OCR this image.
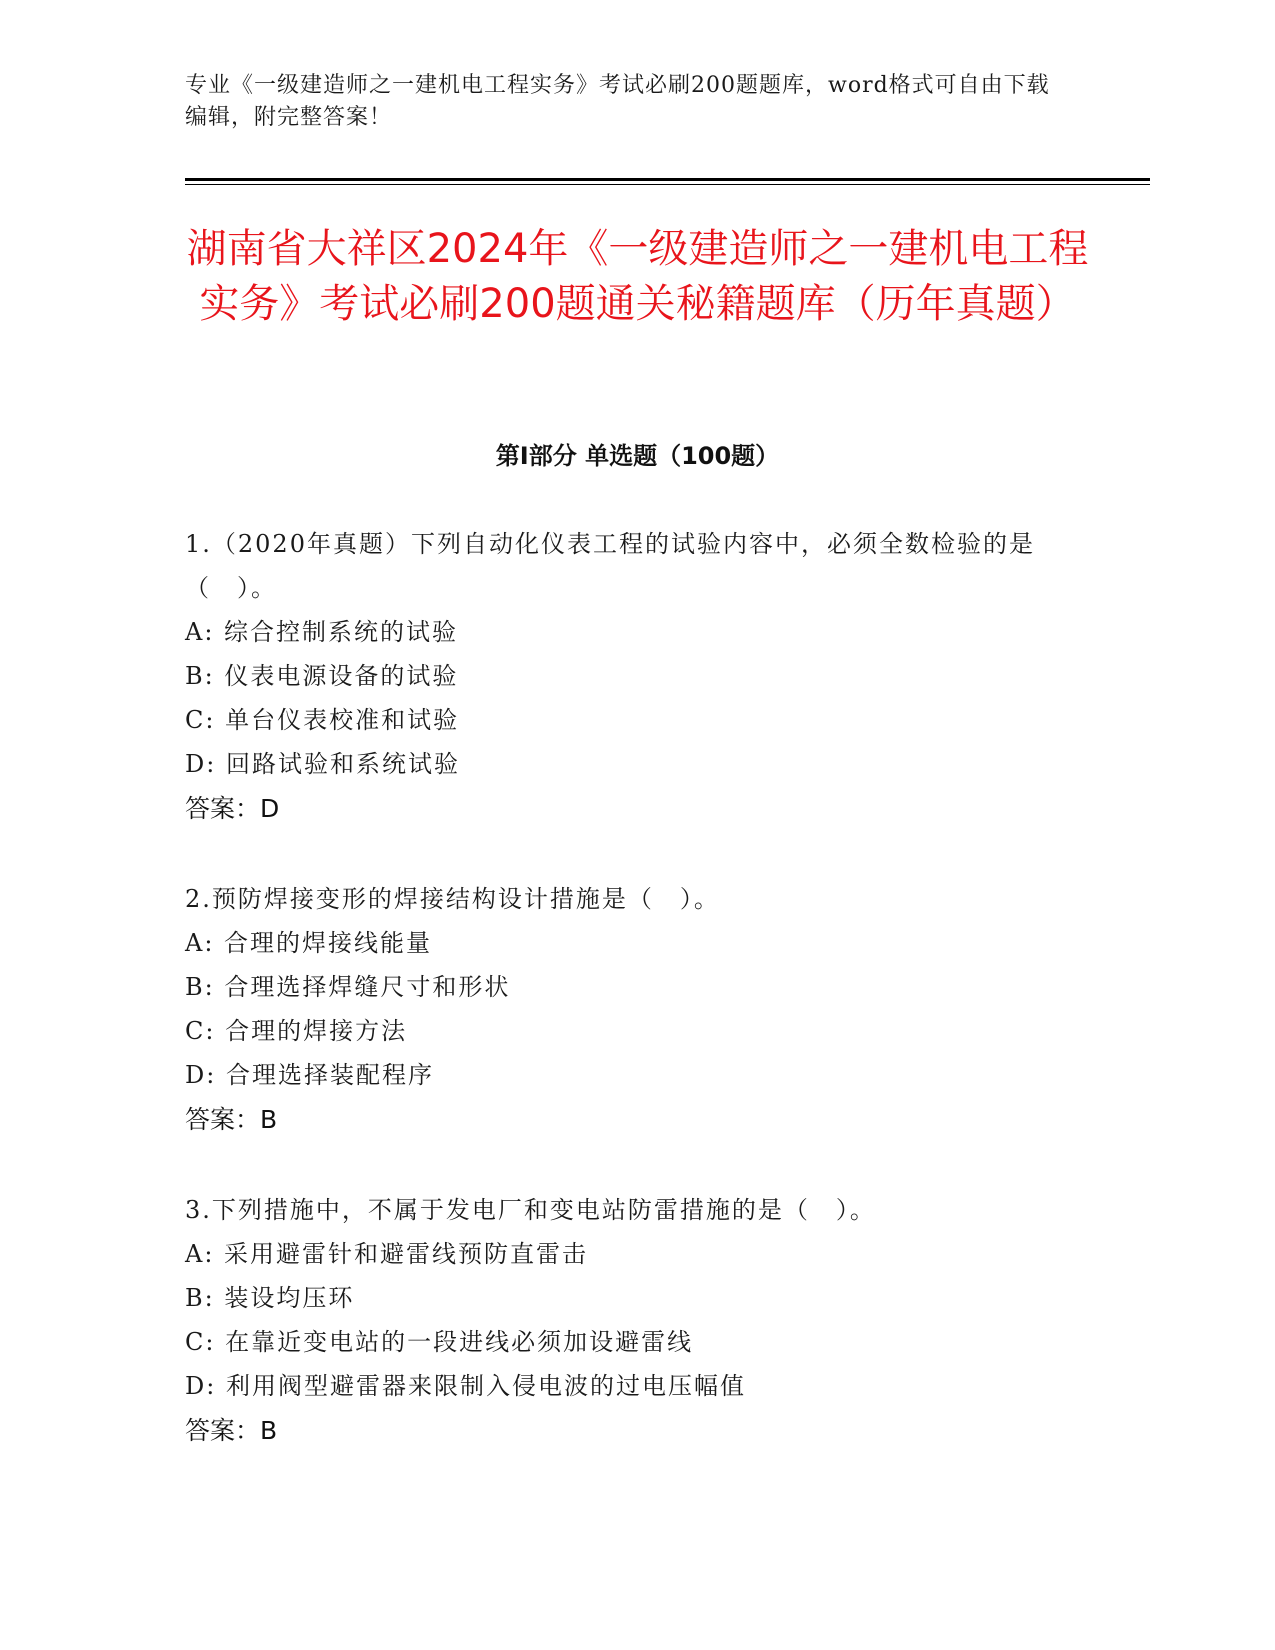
专业《一级建造师之一建机电工程实务》考试必刷200题题库，word格式可自由下载编辑，附完整答案！
湖南省大祥区2024年《一级建造师之一建机电工程实务》考试必刷200题通关秘籍题库（历年真题）
第I部分 单选题（100题）
1.（2020年真题）下列自动化仪表工程的试验内容中，必须全数检验的是（　）。
A: 综合控制系统的试验
B: 仪表电源设备的试验
C: 单台仪表校准和试验
D: 回路试验和系统试验
答案：D
2.预防焊接变形的焊接结构设计措施是（　）。
A: 合理的焊接线能量
B: 合理选择焊缝尺寸和形状
C: 合理的焊接方法
D: 合理选择装配程序
答案：B
3.下列措施中，不属于发电厂和变电站防雷措施的是（　）。
A: 采用避雷针和避雷线预防直雷击
B: 装设均压环
C: 在靠近变电站的一段进线必须加设避雷线
D: 利用阀型避雷器来限制入侵电波的过电压幅值
答案：B
